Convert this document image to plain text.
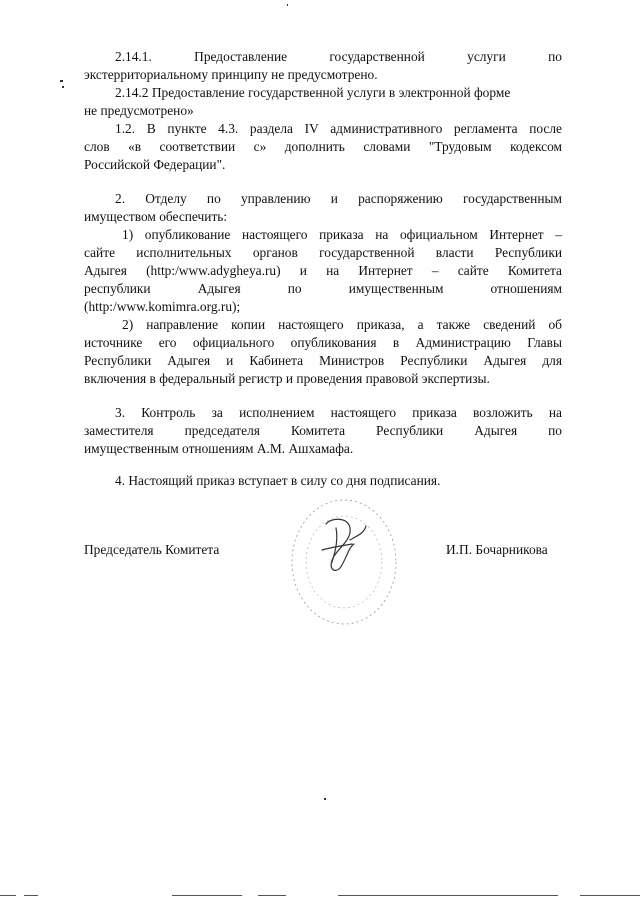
2.14.1. Предоставление государственной услуги по
экстерриториальному принципу не предусмотрено.
2.14.2 Предоставление государственной услуги в электронной форме
не предусмотрено»
1.2. В пункте 4.3. раздела IV административного регламента после
слов «в соответствии с» дополнить словами "Трудовым кодексом
Российской Федерации".
2. Отделу по управлению и распоряжению государственным
имуществом обеспечить:
1) опубликование настоящего приказа на официальном Интернет –
сайте исполнительных органов государственной власти Республики
Адыгея (http:/www.adygheya.ru) и на Интернет – сайте Комитета
республики Адыгея по имущественным отношениям
(http:/www.komimra.org.ru);
2) направление копии настоящего приказа, а также сведений об
источнике его официального опубликования в Администрацию Главы
Республики Адыгея и Кабинета Министров Республики Адыгея для
включения в федеральный регистр и проведения правовой экспертизы.
3. Контроль за исполнением настоящего приказа возложить на
заместителя председателя Комитета Республики Адыгея по
имущественным отношениям А.М. Ашхамафа.
4. Настоящий приказ вступает в силу со дня подписания.
Председатель Комитета	И.П. Бочарникова
